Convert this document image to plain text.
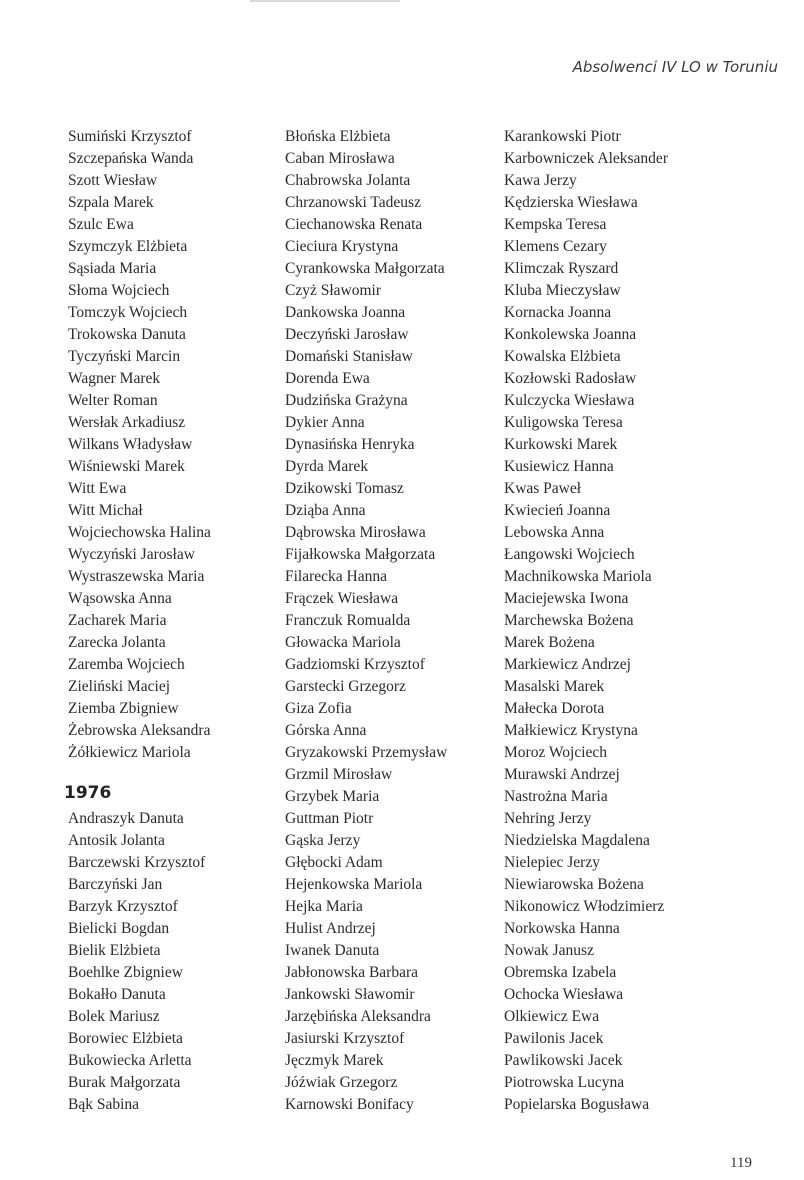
Absolwenci IV LO w Toruniu
Sumiński Krzysztof
Szczepańska Wanda
Szott Wiesław
Szpala Marek
Szulc Ewa
Szymczyk Elżbieta
Sąsiada Maria
Słoma Wojciech
Tomczyk Wojciech
Trokowska Danuta
Tyczyński Marcin
Wagner Marek
Welter Roman
Wersłak Arkadiusz
Wilkans Władysław
Wiśniewski Marek
Witt Ewa
Witt Michał
Wojciechowska Halina
Wyczyński Jarosław
Wystraszewska Maria
Wąsowska Anna
Zacharek Maria
Zarecka Jolanta
Zaremba Wojciech
Zieliński Maciej
Ziemba Zbigniew
Żebrowska Aleksandra
Żółkiewicz Mariola
1976
Andraszyk Danuta
Antosik Jolanta
Barczewski Krzysztof
Barczyński Jan
Barzyk Krzysztof
Bielicki Bogdan
Bielik Elżbieta
Boehlke Zbigniew
Bokałło Danuta
Bolek Mariusz
Borowiec Elżbieta
Bukowiecka Arletta
Burak Małgorzata
Bąk Sabina
Błońska Elżbieta
Caban Mirosława
Chabrowska Jolanta
Chrzanowski Tadeusz
Ciechanowska Renata
Cieciura Krystyna
Cyrankowska Małgorzata
Czyż Sławomir
Dankowska Joanna
Deczyński Jarosław
Domański Stanisław
Dorenda Ewa
Dudzińska Grażyna
Dykier Anna
Dynasińska Henryka
Dyrda Marek
Dzikowski Tomasz
Dziąba Anna
Dąbrowska Mirosława
Fijałkowska Małgorzata
Filarecka Hanna
Frączek Wiesława
Franczuk Romualda
Głowacka Mariola
Gadziomski Krzysztof
Garstecki Grzegorz
Giza Zofia
Górska Anna
Gryzakowski Przemysław
Grzmil Mirosław
Grzybek Maria
Guttman Piotr
Gąska Jerzy
Głębocki Adam
Hejenkowska Mariola
Hejka Maria
Hulist Andrzej
Iwanek Danuta
Jabłonowska Barbara
Jankowski Sławomir
Jarzębińska Aleksandra
Jasiurski Krzysztof
Jęczmyk Marek
Jóźwiak Grzegorz
Karnowski Bonifacy
Karankowski Piotr
Karbowniczek Aleksander
Kawa Jerzy
Kędzierska Wiesława
Kempska Teresa
Klemens Cezary
Klimczak Ryszard
Kluba Mieczysław
Kornacka Joanna
Konkolewska Joanna
Kowalska Elżbieta
Kozłowski Radosław
Kulczycka Wiesława
Kuligowska Teresa
Kurkowski Marek
Kusiewicz Hanna
Kwas Paweł
Kwiecień Joanna
Lebowska Anna
Łangowski Wojciech
Machnikowska Mariola
Maciejewska Iwona
Marchewska Bożena
Marek Bożena
Markiewicz Andrzej
Masalski Marek
Małecka Dorota
Małkiewicz Krystyna
Moroz Wojciech
Murawski Andrzej
Nastrożna Maria
Nehring Jerzy
Niedzielska Magdalena
Nielepiec Jerzy
Niewiarowska Bożena
Nikonowicz Włodzimierz
Norkowska Hanna
Nowak Janusz
Obremska Izabela
Ochocka Wiesława
Olkiewicz Ewa
Pawilonis Jacek
Pawlikowski Jacek
Piotrowska Lucyna
Popielarska Bogusława
119
